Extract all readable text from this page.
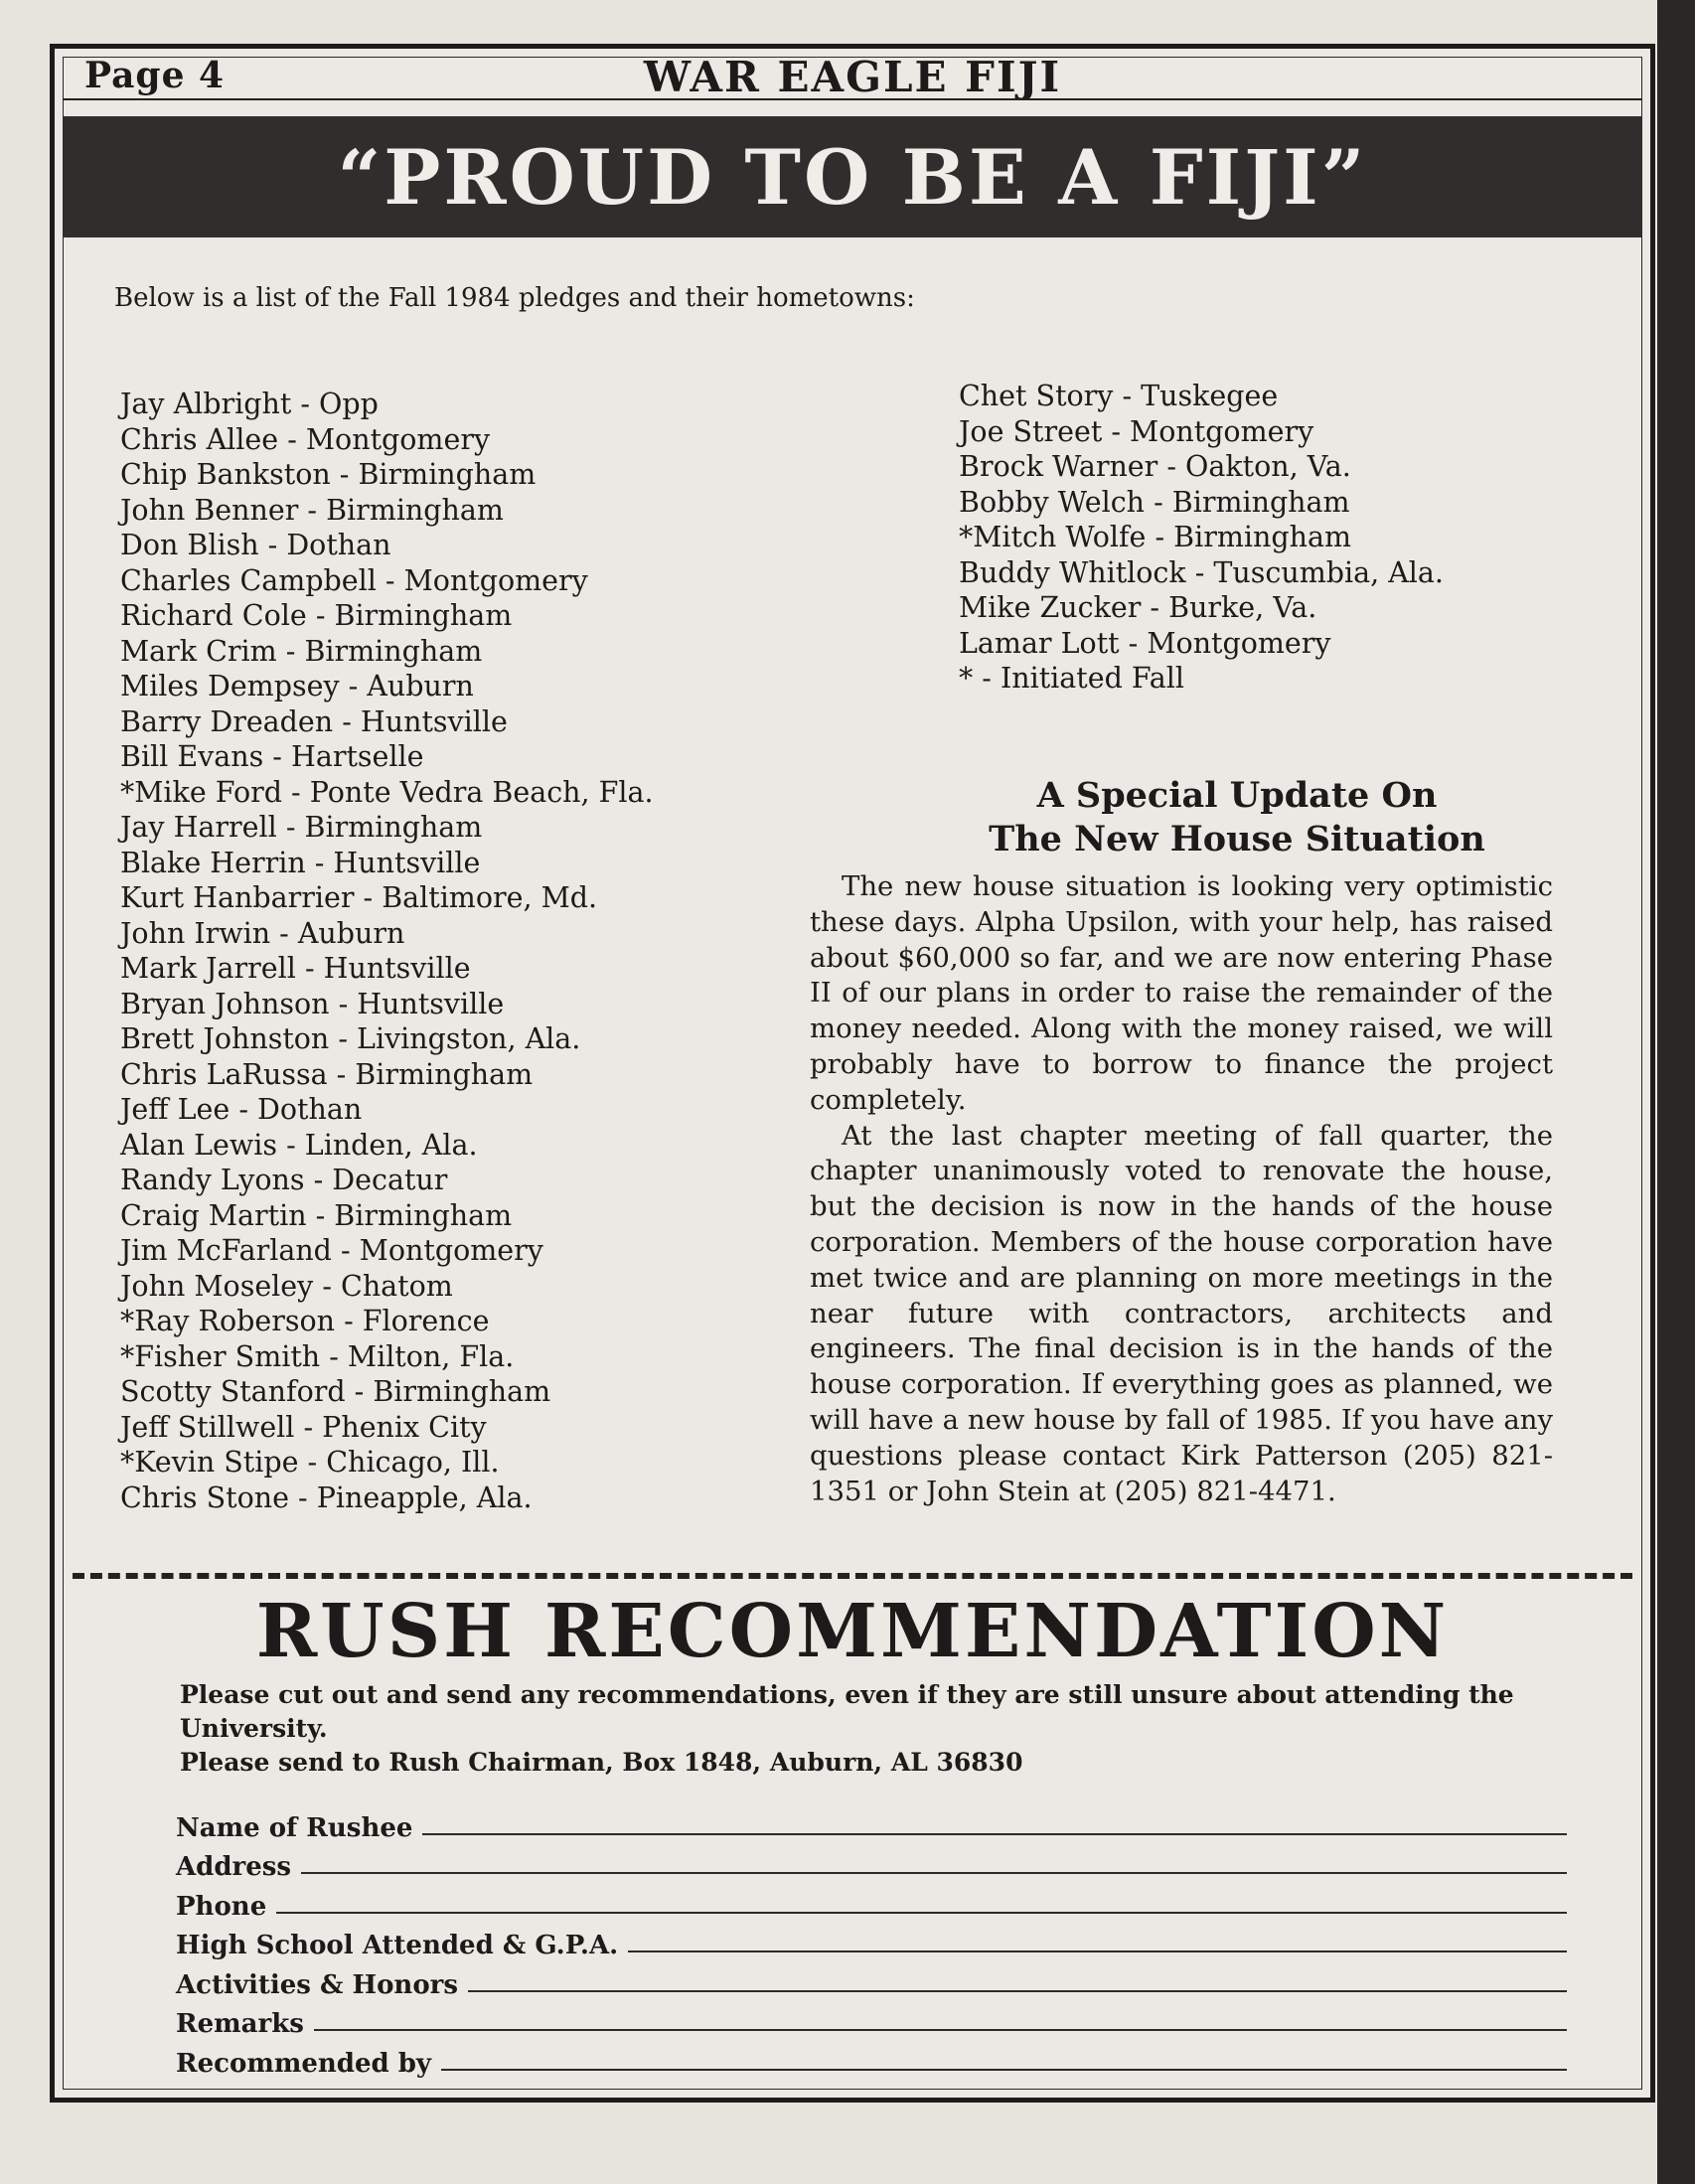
Page 4	WAR EAGLE FIJI
“PROUD TO BE A FIJI”
Below is a list of the Fall 1984 pledges and their hometowns:
Jay Albright - Opp
Chris Allee - Montgomery
Chip Bankston - Birmingham
John Benner - Birmingham
Don Blish - Dothan
Charles Campbell - Montgomery
Richard Cole - Birmingham
Mark Crim - Birmingham
Miles Dempsey - Auburn
Barry Dreaden - Huntsville
Bill Evans - Hartselle
*Mike Ford - Ponte Vedra Beach, Fla.
Jay Harrell - Birmingham
Blake Herrin - Huntsville
Kurt Hanbarrier - Baltimore, Md.
John Irwin - Auburn
Mark Jarrell - Huntsville
Bryan Johnson - Huntsville
Brett Johnston - Livingston, Ala.
Chris LaRussa - Birmingham
Jeff Lee - Dothan
Alan Lewis - Linden, Ala.
Randy Lyons - Decatur
Craig Martin - Birmingham
Jim McFarland - Montgomery
John Moseley - Chatom
*Ray Roberson - Florence
*Fisher Smith - Milton, Fla.
Scotty Stanford - Birmingham
Jeff Stillwell - Phenix City
*Kevin Stipe - Chicago, Ill.
Chris Stone - Pineapple, Ala.
Chet Story - Tuskegee
Joe Street - Montgomery
Brock Warner - Oakton, Va.
Bobby Welch - Birmingham
*Mitch Wolfe - Birmingham
Buddy Whitlock - Tuscumbia, Ala.
Mike Zucker - Burke, Va.
Lamar Lott - Montgomery
* - Initiated Fall
A Special Update On
The New House Situation

The new house situation is looking very optimistic these days. Alpha Upsilon, with your help, has raised about $60,000 so far, and we are now entering Phase II of our plans in order to raise the remainder of the money needed. Along with the money raised, we will probably have to borrow to finance the project completely.

At the last chapter meeting of fall quarter, the chapter unanimously voted to renovate the house, but the decision is now in the hands of the house corporation. Members of the house corporation have met twice and are planning on more meetings in the near future with contractors, architects and engineers. The final decision is in the hands of the house corporation. If everything goes as planned, we will have a new house by fall of 1985. If you have any questions please contact Kirk Patterson (205) 821-1351 or John Stein at (205) 821-4471.

RUSH RECOMMENDATION
Please cut out and send any recommendations, even if they are still unsure about attending the University.
Please send to Rush Chairman, Box 1848, Auburn, AL 36830
Name of Rushee
Address
Phone
High School Attended & G.P.A.
Activities & Honors
Remarks
Recommended by
